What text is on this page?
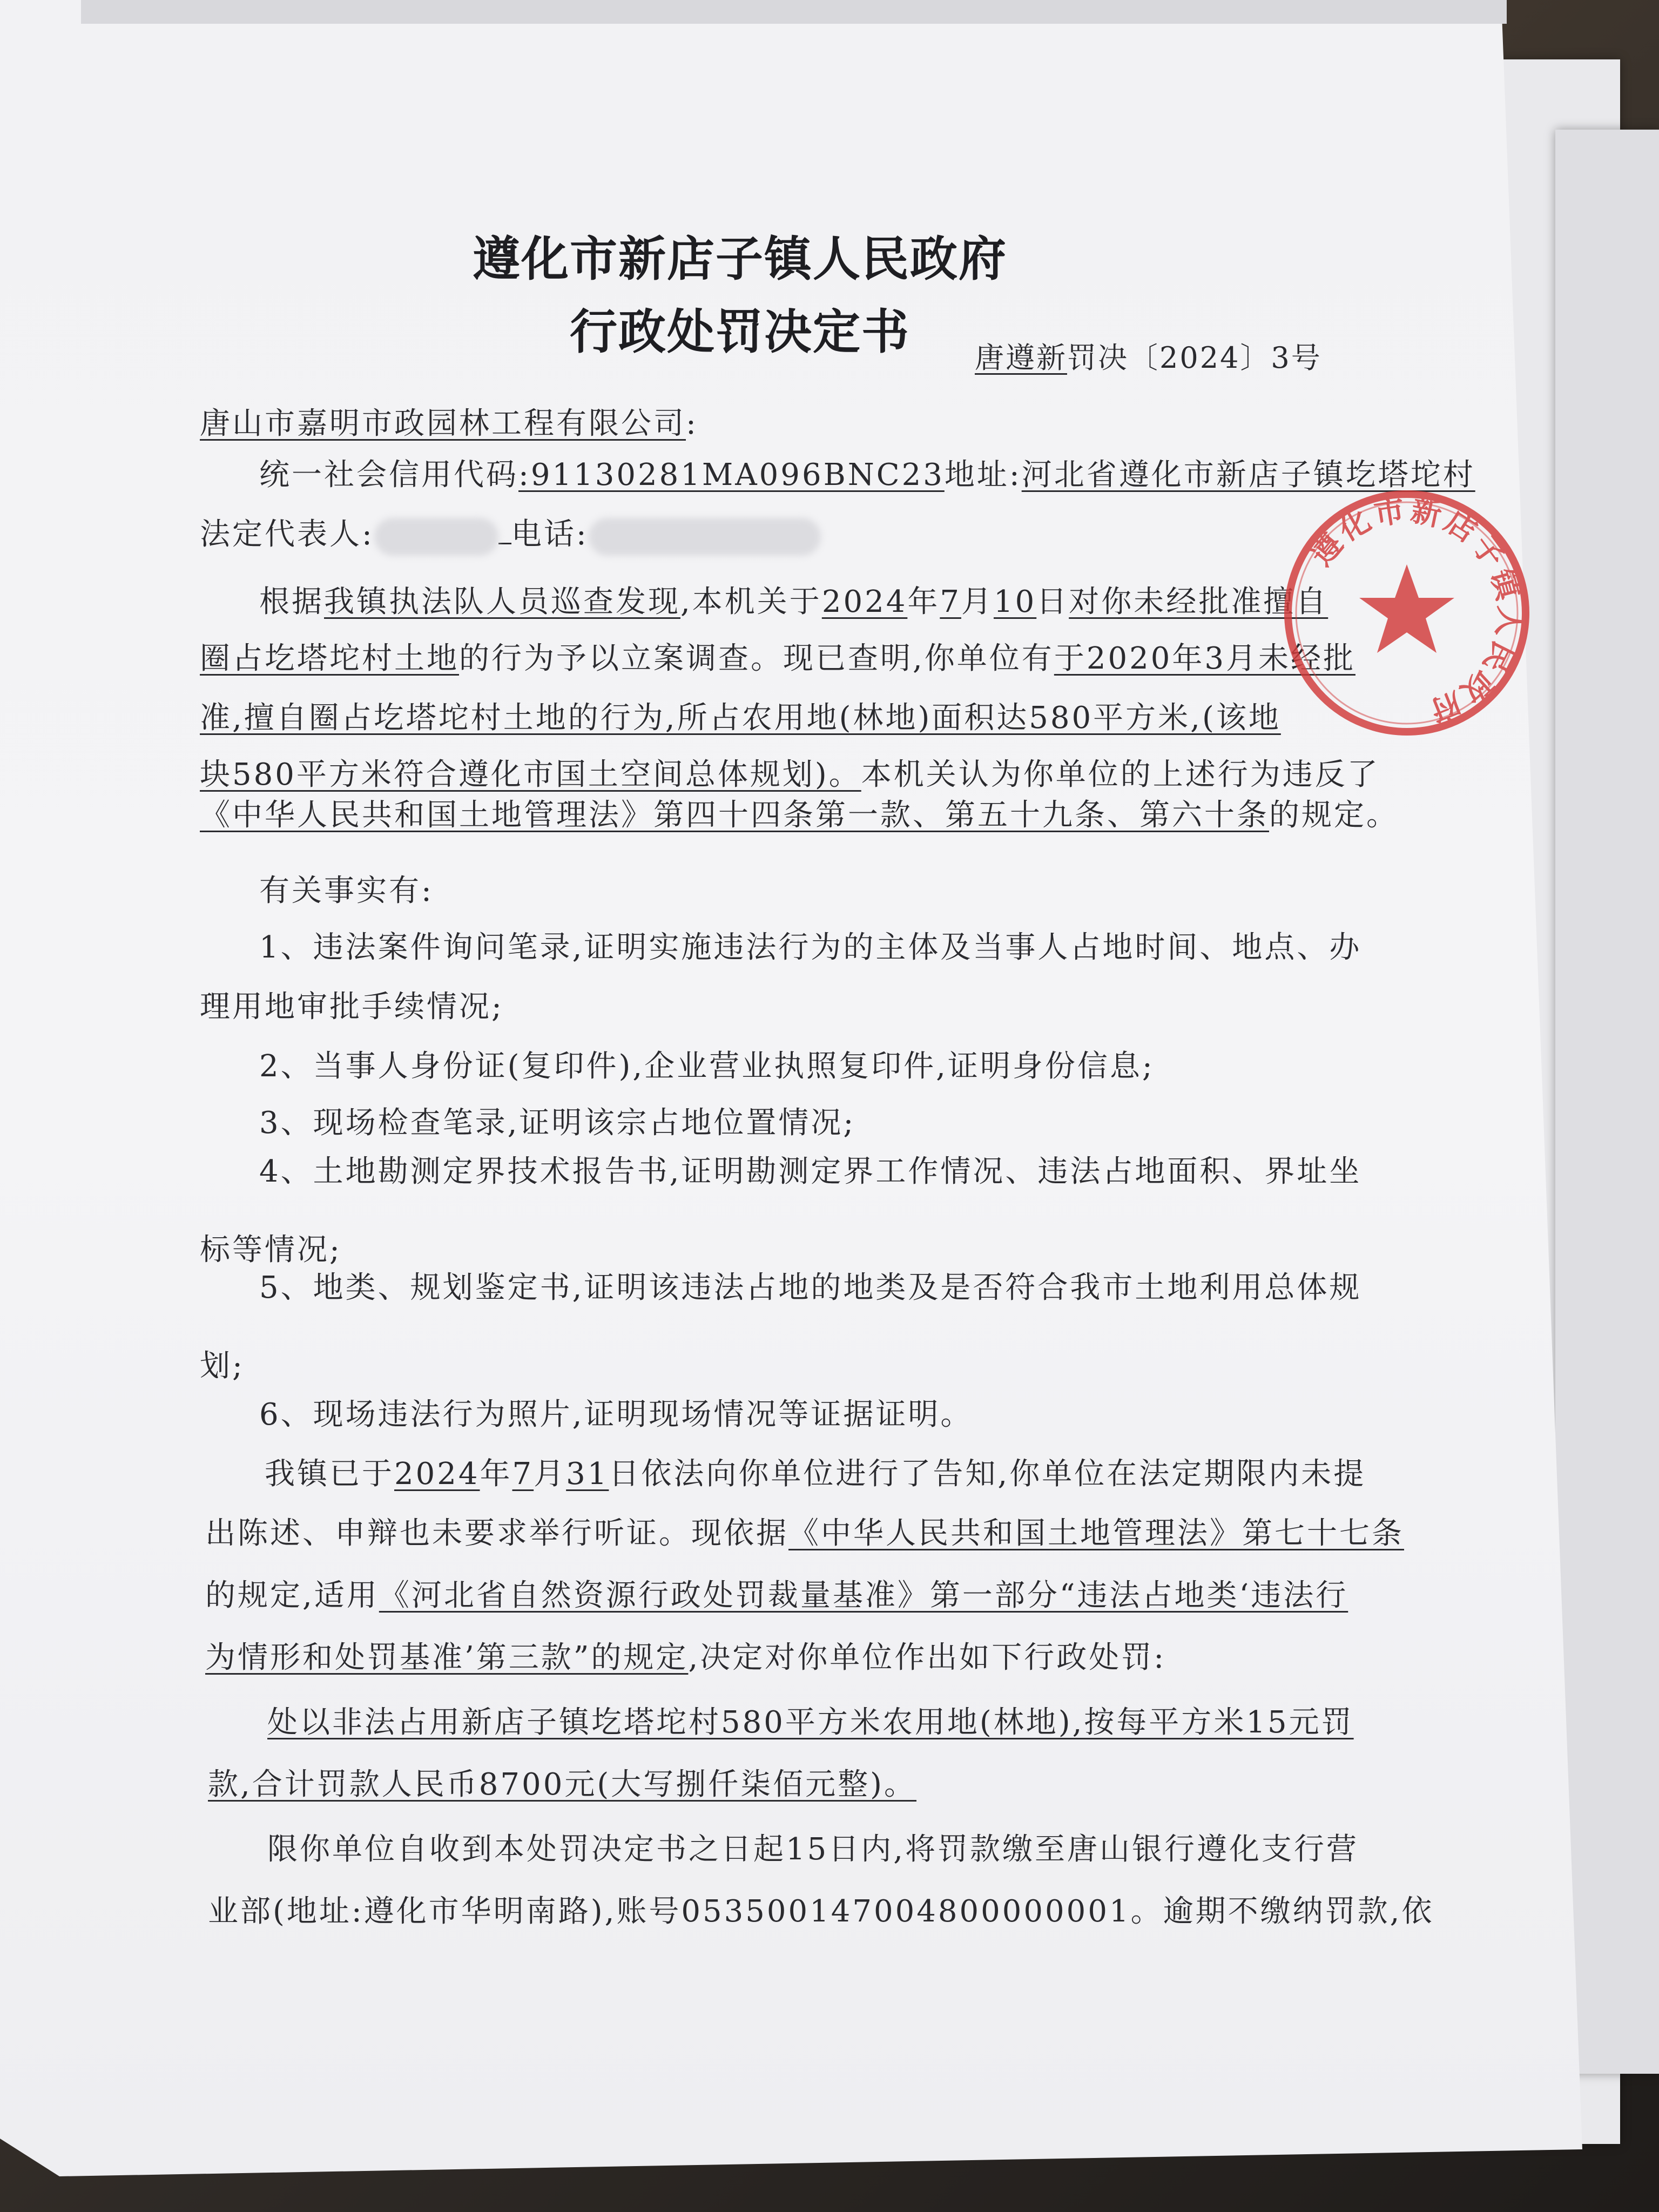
遵化市新店子镇人民政府
行政处罚决定书	唐遵新罚决〔2024〕3号
唐山市嘉明市政园林工程有限公司:
统一社会信用代码:91130281MA096BNC23地址:河北省遵化市新店子镇圪塔坨村
法定代表人:	电话:
根据我镇执法队人员巡查发现,本机关于2024年7月10日对你未经批准擅自
圈占圪塔坨村土地的行为予以立案调查。现已查明,你单位有于2020年3月未经批
准,擅自圈占圪塔坨村土地的行为,所占农用地(林地)面积达580平方米,(该地
块580平方米符合遵化市国土空间总体规划)。本机关认为你单位的上述行为违反了
《中华人民共和国土地管理法》第四十四条第一款、第五十九条、第六十条的规定。
有关事实有:
1、违法案件询问笔录,证明实施违法行为的主体及当事人占地时间、地点、办
理用地审批手续情况;
2、当事人身份证(复印件),企业营业执照复印件,证明身份信息;
3、现场检查笔录,证明该宗占地位置情况;
4、土地勘测定界技术报告书,证明勘测定界工作情况、违法占地面积、界址坐
标等情况;
5、地类、规划鉴定书,证明该违法占地的地类及是否符合我市土地利用总体规
划;
6、现场违法行为照片,证明现场情况等证据证明。
我镇已于2024年7月31日依法向你单位进行了告知,你单位在法定期限内未提
出陈述、申辩也未要求举行听证。现依据《中华人民共和国土地管理法》第七十七条
的规定,适用《河北省自然资源行政处罚裁量基准》第一部分“违法占地类‘违法行
为情形和处罚基准’第三款”的规定,决定对你单位作出如下行政处罚:
处以非法占用新店子镇圪塔坨村580平方米农用地(林地),按每平方米15元罚
款,合计罚款人民币8700元(大写捌仟柒佰元整)。
限你单位自收到本处罚决定书之日起15日内,将罚款缴至唐山银行遵化支行营
业部(地址:遵化市华明南路),账号053500147004800000001。逾期不缴纳罚款,依
遵化市新店子镇人民政府
